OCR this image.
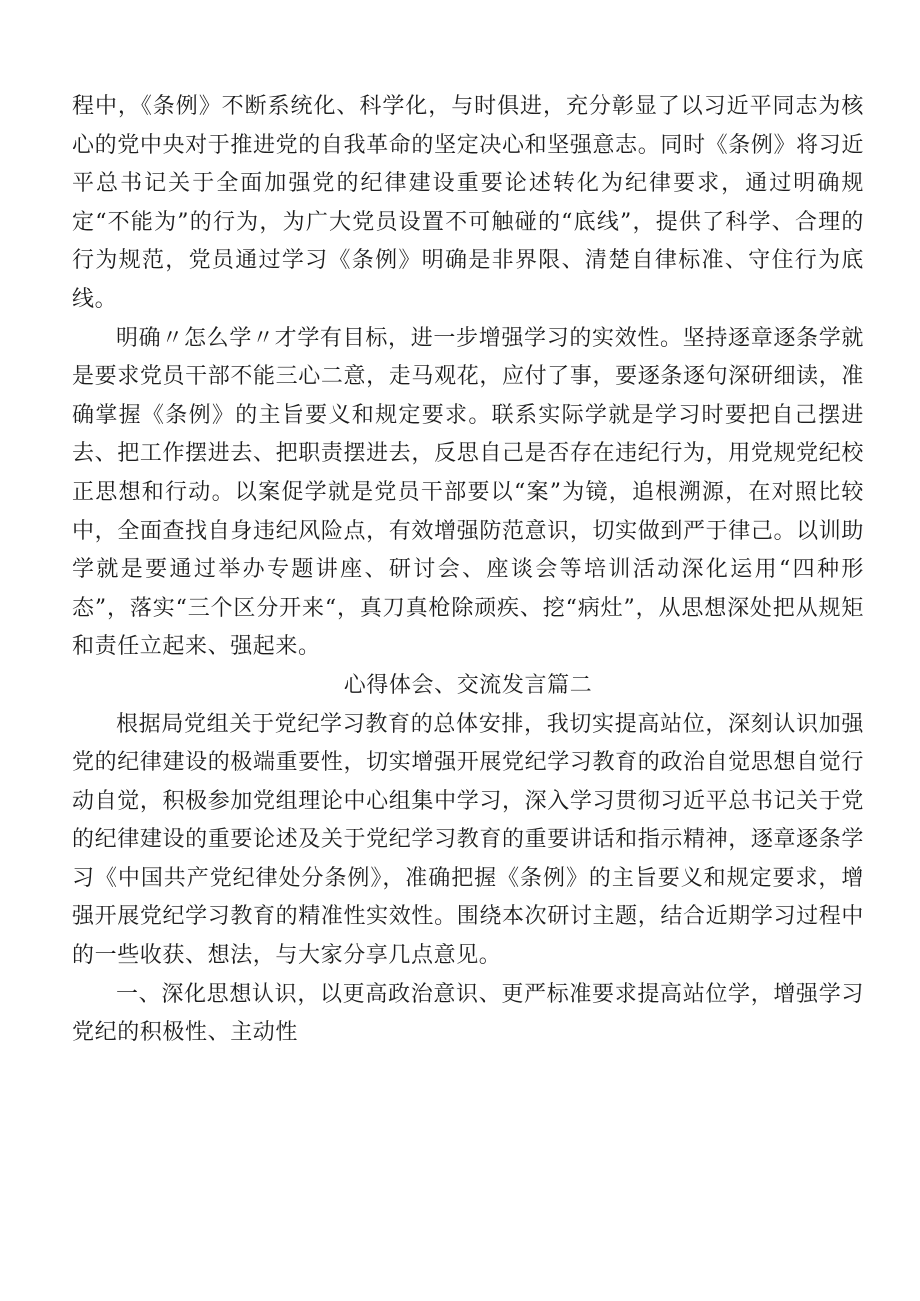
程中，《条例》不断系统化、科学化，与时俱进，充分彰显了以习近平同志为核心的党中央对于推进党的自我革命的坚定决心和坚强意志。同时《条例》将习近平总书记关于全面加强党的纪律建设重要论述转化为纪律要求，通过明确规定“不能为”的行为，为广大党员设置不可触碰的“底线”，提供了科学、合理的行为规范，党员通过学习《条例》明确是非界限、清楚自律标准、守住行为底线。

明确〃怎么学〃才学有目标，进一步增强学习的实效性。坚持逐章逐条学就是要求党员干部不能三心二意，走马观花，应付了事，要逐条逐句深研细读，准确掌握《条例》的主旨要义和规定要求。联系实际学就是学习时要把自己摆进去、把工作摆进去、把职责摆进去，反思自己是否存在违纪行为，用党规党纪校正思想和行动。以案促学就是党员干部要以“案”为镜，追根溯源，在对照比较中，全面查找自身违纪风险点，有效增强防范意识，切实做到严于律己。以训助学就是要通过举办专题讲座、研讨会、座谈会等培训活动深化运用“四种形态”，落实“三个区分开来“，真刀真枪除顽疾、挖“病灶”，从思想深处把从规矩和责任立起来、强起来。

心得体会、交流发言篇二

根据局党组关于党纪学习教育的总体安排，我切实提高站位，深刻认识加强党的纪律建设的极端重要性，切实增强开展党纪学习教育的政治自觉思想自觉行动自觉，积极参加党组理论中心组集中学习，深入学习贯彻习近平总书记关于党的纪律建设的重要论述及关于党纪学习教育的重要讲话和指示精神，逐章逐条学习《中国共产党纪律处分条例》，准确把握《条例》的主旨要义和规定要求，增强开展党纪学习教育的精准性实效性。围绕本次研讨主题，结合近期学习过程中的一些收获、想法，与大家分享几点意见。

一、深化思想认识，以更高政治意识、更严标准要求提高站位学，增强学习党纪的积极性、主动性
